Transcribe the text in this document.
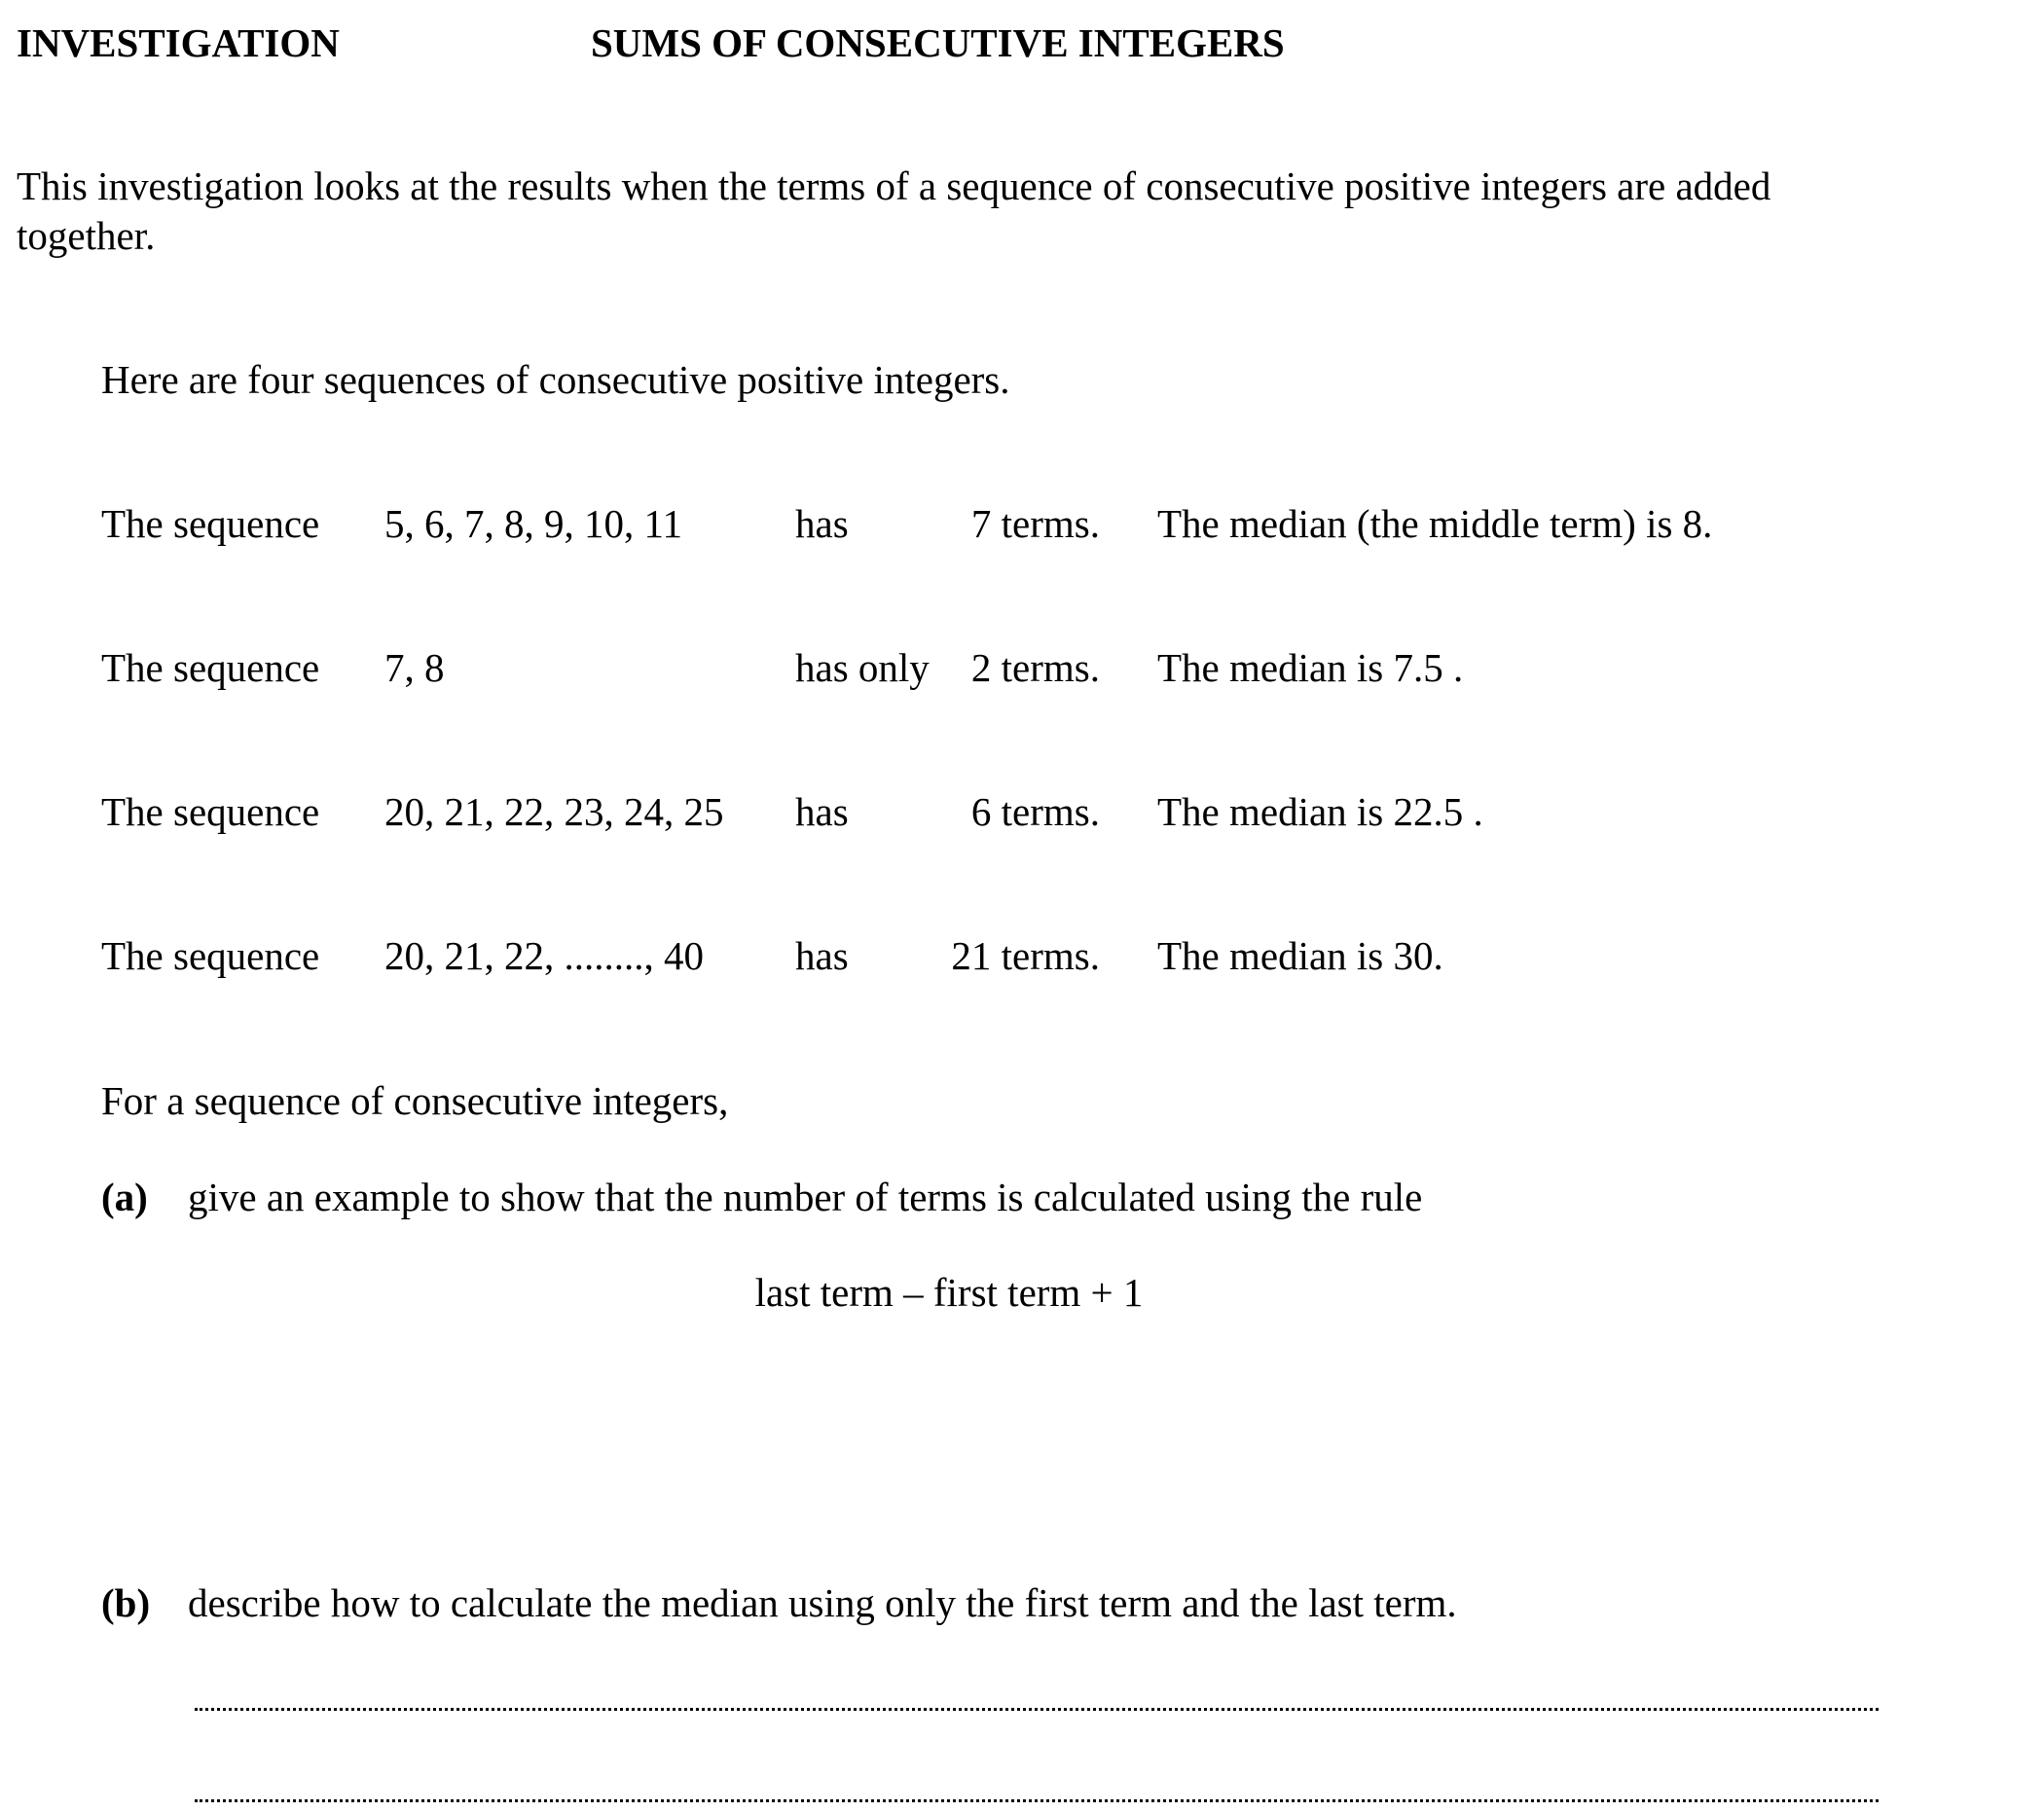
INVESTIGATION	SUMS OF CONSECUTIVE INTEGERS
This investigation looks at the results when the terms of a sequence of consecutive positive integers are added
together.
Here are four sequences of consecutive positive integers.
The sequence 5, 6, 7, 8, 9, 10, 11	has	7 terms. The median (the middle term) is 8.
The sequence 7, 8	has only 2 terms. The median is 7.5 .
The sequence 20, 21, 22, 23, 24, 25 has	6 terms. The median is 22.5 .
The sequence 20, 21, 22, ........, 40 has	21 terms. The median is 30.
For a sequence of consecutive integers,
(a) give an example to show that the number of terms is calculated using the rule
last term – first term + 1
(b) describe how to calculate the median using only the first term and the last term.
